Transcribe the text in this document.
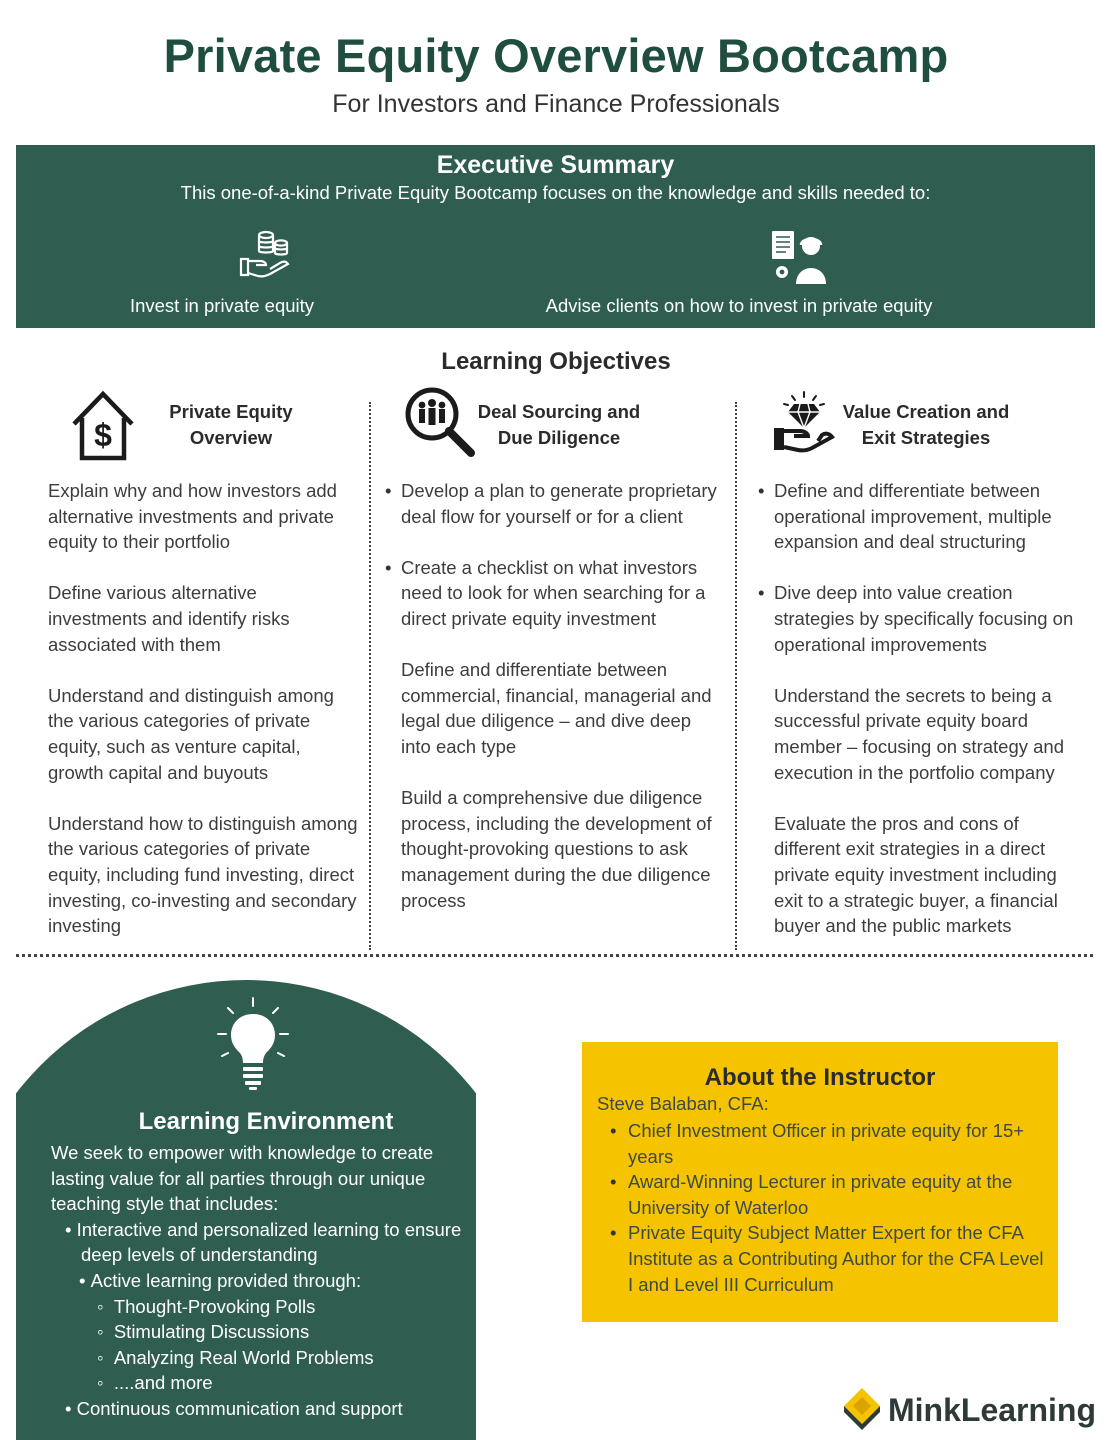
Private Equity Overview Bootcamp
For Investors and Finance Professionals
Executive Summary
This one-of-a-kind Private Equity Bootcamp focuses on the knowledge and skills needed to:
Invest in private equity	Advise clients on how to invest in private equity
Learning Objectives
$
Private Equity
Overview
Deal Sourcing and
Due Diligence
Value Creation and
Exit Strategies

Explain why and how investors add alternative investments and private equity to their portfolio

Define various alternative investments and identify risks associated with them

Understand and distinguish among the various categories of private equity, such as venture capital, growth capital and buyouts

Understand how to distinguish among the various categories of private equity, including fund investing, direct investing, co-investing and secondary investing

• Develop a plan to generate proprietary deal flow for yourself or for a client

• Create a checklist on what investors need to look for when searching for a direct private equity investment

Define and differentiate between commercial, financial, managerial and legal due diligence – and dive deep into each type

Build a comprehensive due diligence process, including the development of thought-provoking questions to ask management during the due diligence process

• Define and differentiate between operational improvement, multiple expansion and deal structuring

• Dive deep into value creation strategies by specifically focusing on operational improvements

Understand the secrets to being a successful private equity board member – focusing on strategy and execution in the portfolio company

Evaluate the pros and cons of different exit strategies in a direct private equity investment including exit to a strategic buyer, a financial buyer and the public markets

Learning Environment
We seek to empower with knowledge to create lasting value for all parties through our unique teaching style that includes:
• Interactive and personalized learning to ensure deep levels of understanding
• Active learning provided through:
◦  Thought-Provoking Polls
◦  Stimulating Discussions
◦  Analyzing Real World Problems
◦  ....and more
• Continuous communication and support
About the Instructor
Steve Balaban, CFA:
• Chief Investment Officer in private equity for 15+ years
• Award-Winning Lecturer in private equity at the University of Waterloo
• Private Equity Subject Matter Expert for the CFA Institute as a Contributing Author for the CFA Level I and Level III Curriculum
MinkLearning
